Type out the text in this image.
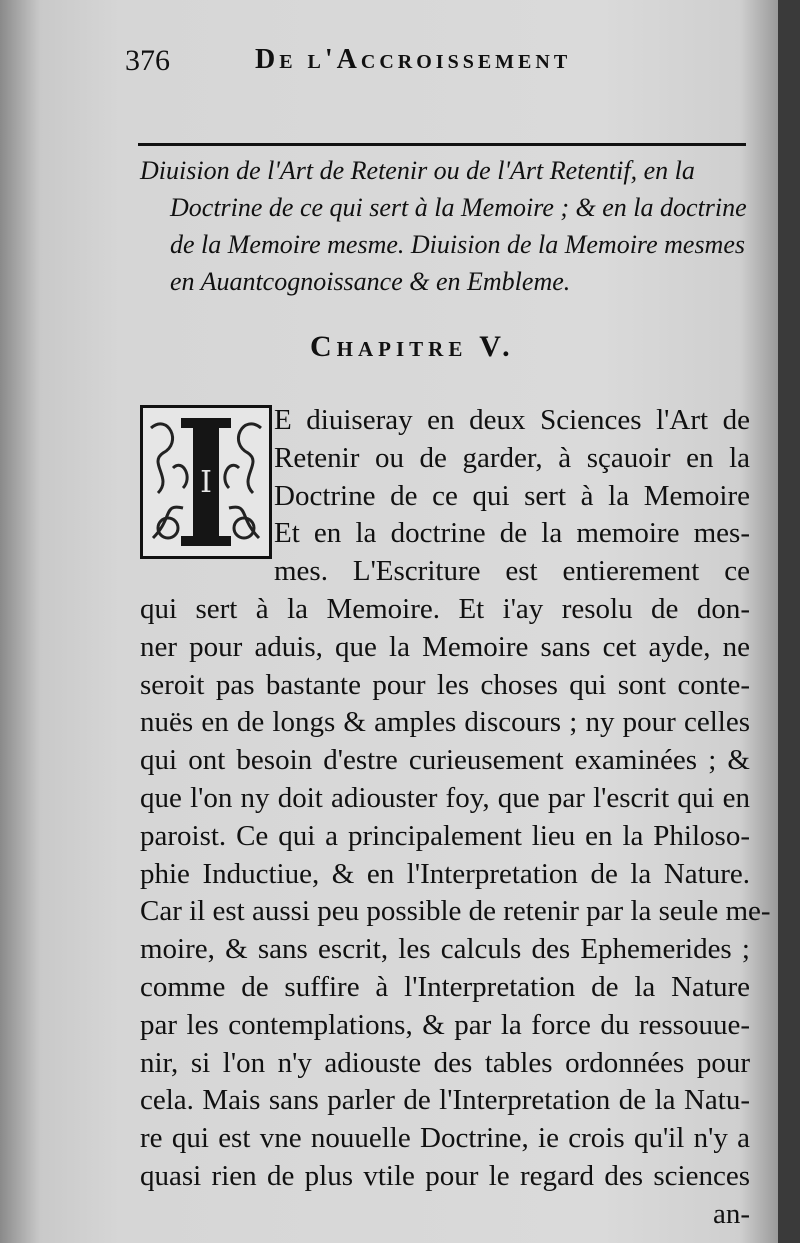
376	De l'Accroissement
Diuision de l'Art de Retenir ou de l'Art Retentif, en la
Doctrine de ce qui sert à la Memoire ; & en la doctrine
de la Memoire mesme. Diuision de la Memoire mesmes
en Auantcognoissance & en Embleme.
Chapitre V.
I
E diuiseray en deux Sciences l'Art de
Retenir ou de garder, à sçauoir en la
Doctrine de ce qui sert à la Memoire
Et en la doctrine de la memoire mes-
mes. L'Escriture est entierement ce
qui sert à la Memoire. Et i'ay resolu de don-
ner pour aduis, que la Memoire sans cet ayde, ne
seroit pas bastante pour les choses qui sont conte-
nuës en de longs & amples discours ; ny pour celles
qui ont besoin d'estre curieusement examinées ; &
que l'on ny doit adiouster foy, que par l'escrit qui en
paroist. Ce qui a principalement lieu en la Philoso-
phie Inductiue, & en l'Interpretation de la Nature.
Car il est aussi peu possible de retenir par la seule me-
moire, & sans escrit, les calculs des Ephemerides ;
comme de suffire à l'Interpretation de la Nature
par les contemplations, & par la force du ressouue-
nir, si l'on n'y adiouste des tables ordonnées pour
cela. Mais sans parler de l'Interpretation de la Natu-
re qui est vne nouuelle Doctrine, ie crois qu'il n'y a
quasi rien de plus vtile pour le regard des sciences
an-
